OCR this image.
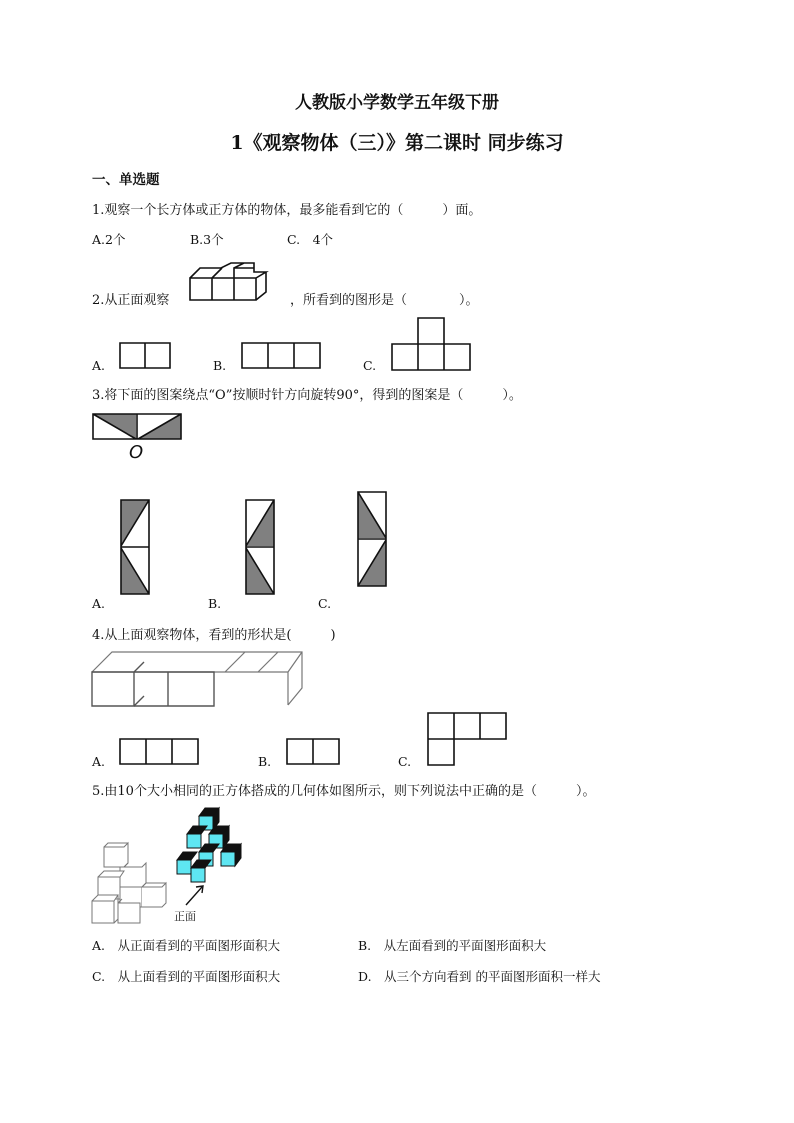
人教版小学数学五年级下册
1《观察物体（三）》第二课时 同步练习
一、单选题
1.观察一个长方体或正方体的物体，最多能看到它的（　　　）面。
A.2个	B.3个	C.　4个
2.从正面观察	，所看到的图形是（　　　　）。
A.	B.	C.
3.将下面的图案绕点“O”按顺时针方向旋转90°，得到的图案是（　　　）。
O
A.	B.	C.
4.从上面观察物体，看到的形状是(　　　)
A.	B.	C.
5.由10个大小相同的正方体搭成的几何体如图所示，则下列说法中正确的是（　　　）。
正面
A.　从正面看到的平面图形面积大	B.　从左面看到的平面图形面积大
C.　从上面看到的平面图形面积大	D.　从三个方向看到 的平面图形面积一样大
